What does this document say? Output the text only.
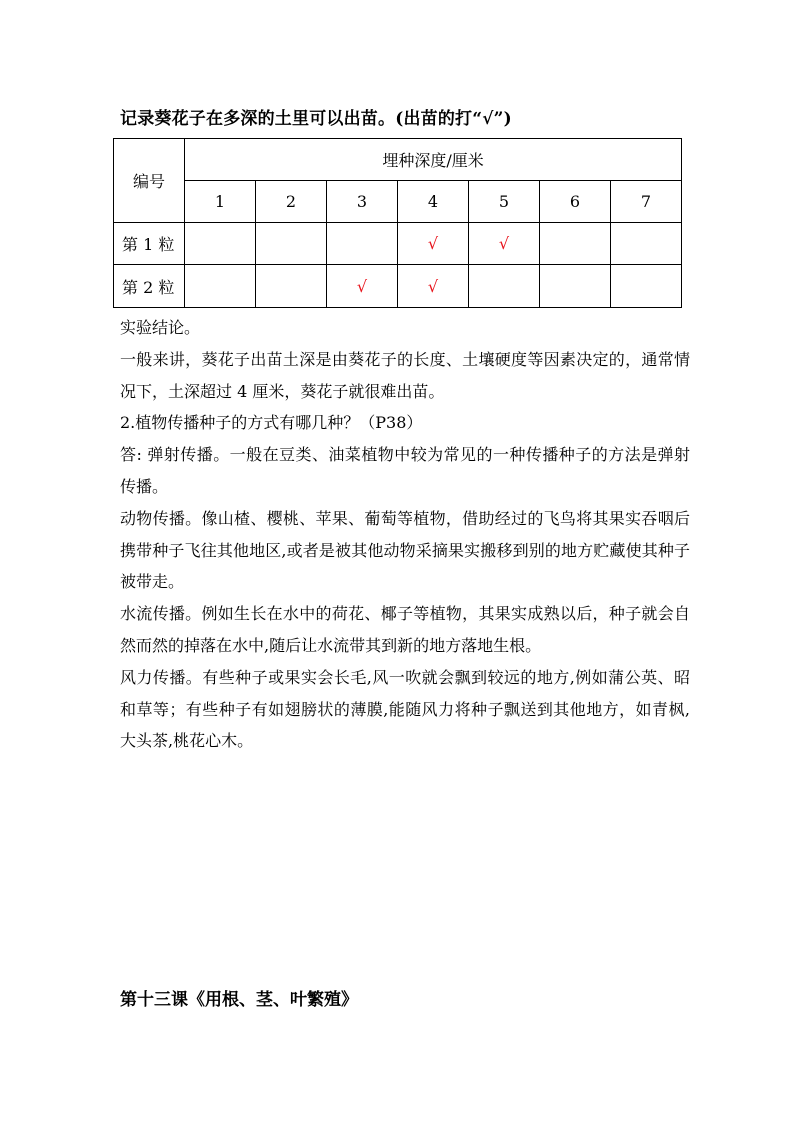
记录葵花子在多深的土里可以出苗。(出苗的打“√”)
编号	埋种深度/厘米						
	1	2	3	4	5	6	7
第 1 粒				√	√		
第 2 粒			√	√			

实验结论。

一般来讲，葵花子出苗土深是由葵花子的长度、土壤硬度等因素决定的，通常情况下，土深超过 4 厘米，葵花子就很难出苗。

2.植物传播种子的方式有哪几种？（P38）

答: 弹射传播。一般在豆类、油菜植物中较为常见的一种传播种子的方法是弹射传播。

动物传播。像山楂、樱桃、苹果、葡萄等植物，借助经过的飞鸟将其果实吞咽后携带种子飞往其他地区,或者是被其他动物采摘果实搬移到别的地方贮藏使其种子被带走。

水流传播。例如生长在水中的荷花、椰子等植物，其果实成熟以后，种子就会自然而然的掉落在水中,随后让水流带其到新的地方落地生根。

风力传播。有些种子或果实会长毛,风一吹就会飘到较远的地方,例如蒲公英、昭和草等；有些种子有如翅膀状的薄膜,能随风力将种子飘送到其他地方，如青枫,大头茶,桃花心木。

第十三课《用根、茎、叶繁殖》
